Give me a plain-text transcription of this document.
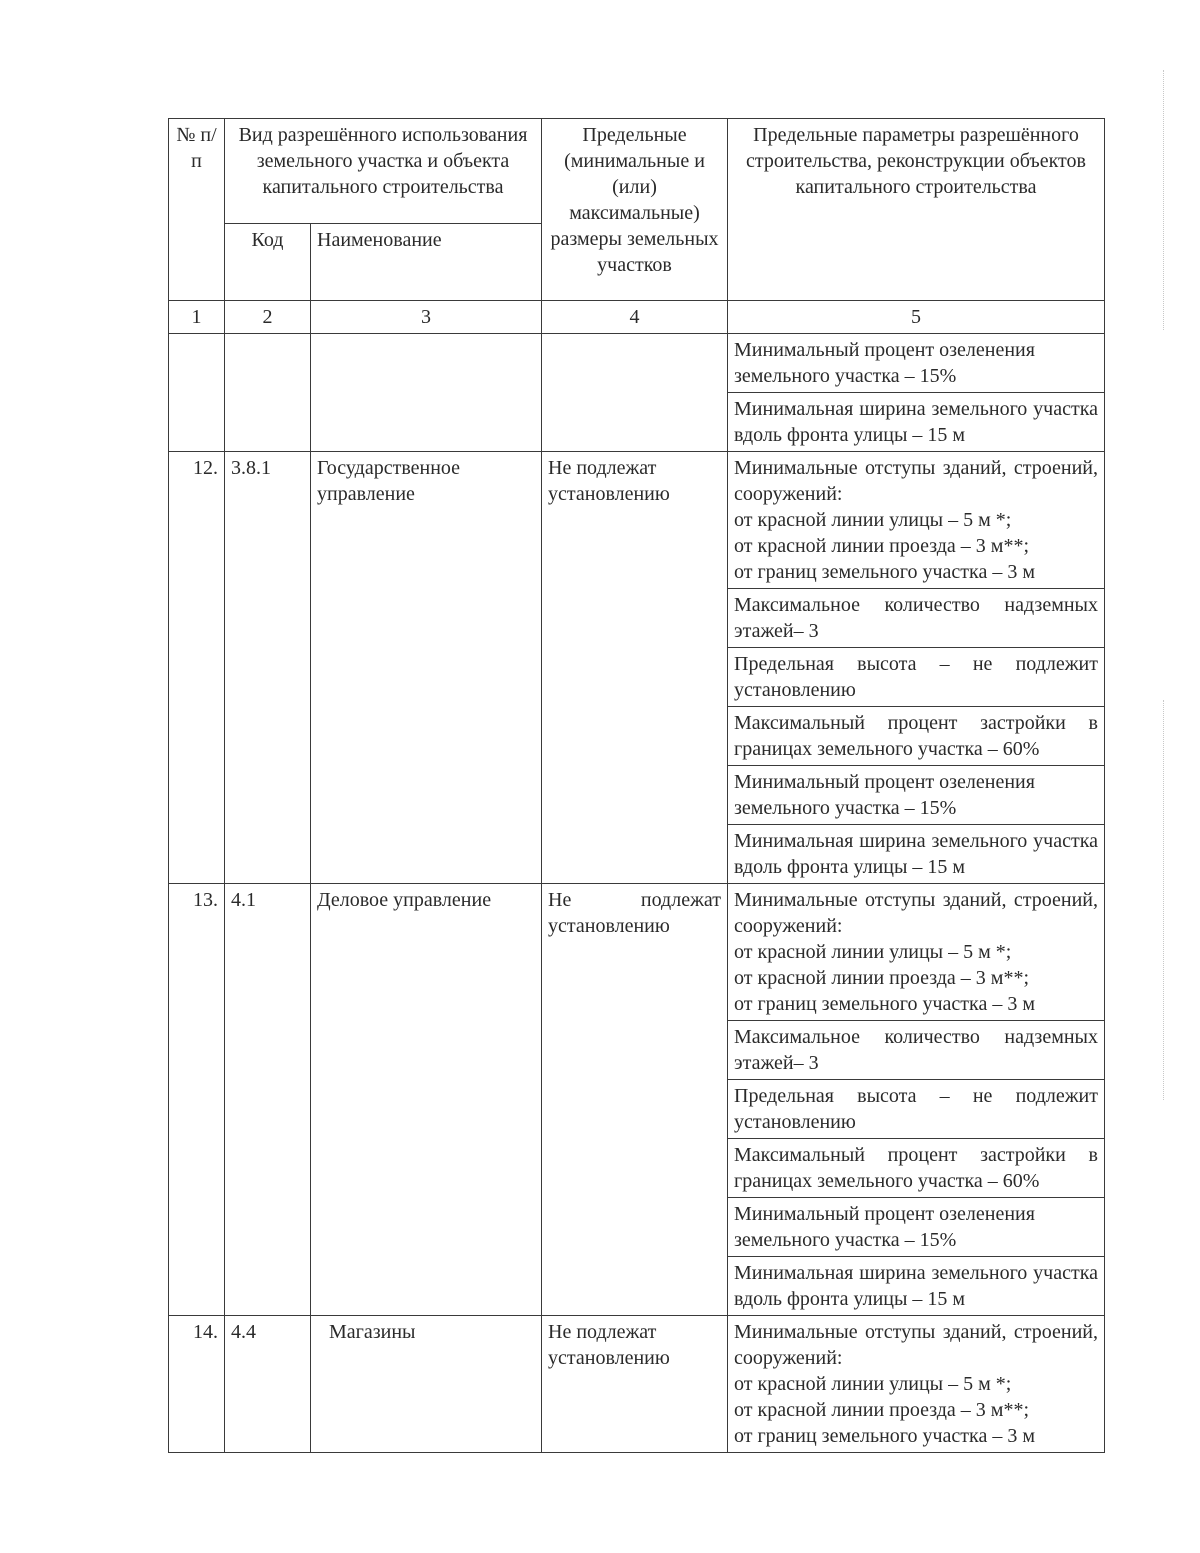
№ п/п	Вид разрешённого использования земельного участка и объекта капитального строительства		Предельные (минимальные и (или) максимальные) размеры земельных участков	Предельные параметры разрешённого строительства, реконструкции объектов капитального строительства
	Код	Наименование		
1	2	3	4	5
				Минимальный процент озеленения земельного участка – 15%
				Минимальная ширина земельного участка вдоль фронта улицы – 15 м
12.	3.8.1	Государственное управление	Не подлежат установлению	Минимальные отступы зданий, строений, сооружений:
от красной линии улицы – 5 м *;
от красной линии проезда – 3 м**;
от границ земельного участка – 3 м

				Максимальное количество надземных этажей– 3
				Предельная высота – не подлежит установлению
				Максимальный процент застройки в границах земельного участка – 60%
				Минимальный процент озеленения земельного участка – 15%
				Минимальная ширина земельного участка вдоль фронта улицы – 15 м
13.	4.1	Деловое управление	Не подлежат установлению	Минимальные отступы зданий, строений, сооружений:
от красной линии улицы – 5 м *;
от красной линии проезда – 3 м**;
от границ земельного участка – 3 м

				Максимальное количество надземных этажей– 3
				Предельная высота – не подлежит установлению
				Максимальный процент застройки в границах земельного участка – 60%
				Минимальный процент озеленения земельного участка – 15%
				Минимальная ширина земельного участка вдоль фронта улицы – 15 м
14.	4.4	Магазины	Не подлежат установлению	Минимальные отступы зданий, строений, сооружений:
от красной линии улицы – 5 м *;
от красной линии проезда – 3 м**;
от границ земельного участка – 3 м
